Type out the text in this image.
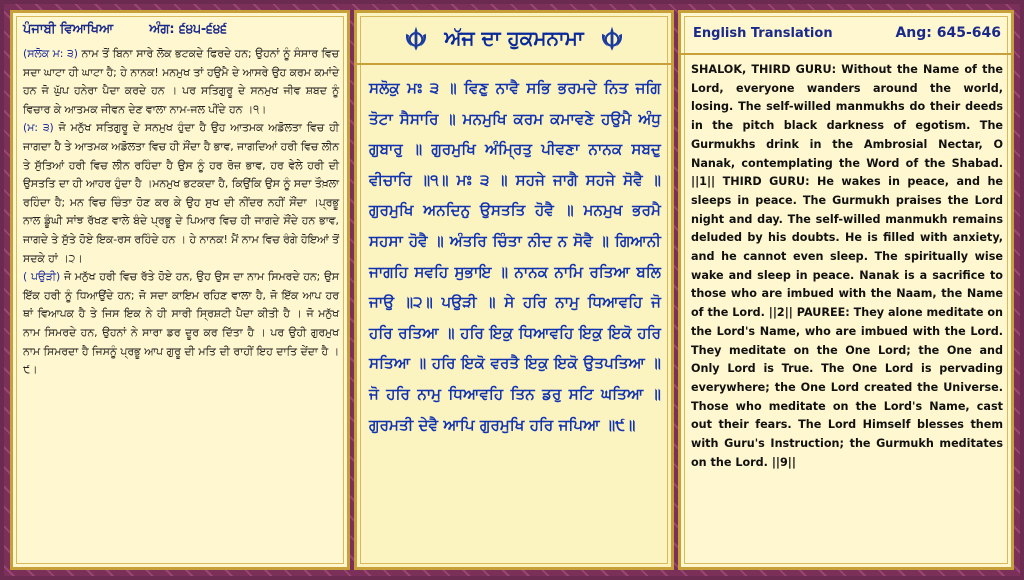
ਪੰਜਾਬੀ ਵਿਆਖਿਆ	ਅੰਗ: ੬੪੫-੬੪੬

(ਸਲੋਕ ਮ: ੩) ਨਾਮ ਤੋਂ ਬਿਨਾ ਸਾਰੇ ਲੋਕ ਭਟਕਦੇ ਫਿਰਦੇ ਹਨ; ਉਹਨਾਂ ਨੂੰ ਸੰਸਾਰ ਵਿਚ ਸਦਾ ਘਾਟਾ ਹੀ ਘਾਟਾ ਹੈ; ਹੇ ਨਾਨਕ! ਮਨਮੁਖ ਤਾਂ ਹਉਮੈ ਦੇ ਆਸਰੇ ਉਹ ਕਰਮ ਕਮਾਂਦੇ ਹਨ ਜੋ ਘੁੱਪ ਹਨੇਰਾ ਪੈਦਾ ਕਰਦੇ ਹਨ । ਪਰ ਸਤਿਗੁਰੂ ਦੇ ਸਨਮੁਖ ਜੀਵ ਸ਼ਬਦ ਨੂੰ ਵਿਚਾਰ ਕੇ ਆਤਮਕ ਜੀਵਨ ਦੇਣ ਵਾਲਾ ਨਾਮ-ਜਲ ਪੀਂਦੇ ਹਨ ।੧।

(ਮ: ੩) ਜੋ ਮਨੁੱਖ ਸਤਿਗੁਰੂ ਦੇ ਸਨਮੁਖ ਹੁੰਦਾ ਹੈ ਉਹ ਆਤਮਕ ਅਡੋਲਤਾ ਵਿਚ ਹੀ ਜਾਗਦਾ ਹੈ ਤੇ ਆਤਮਕ ਅਡੋਲਤਾ ਵਿਚ ਹੀ ਸੌਂਦਾ ਹੈ ਭਾਵ, ਜਾਗਦਿਆਂ ਹਰੀ ਵਿਚ ਲੀਨ ਤੇ ਸੁੱਤਿਆਂ ਹਰੀ ਵਿਚ ਲੀਨ ਰਹਿੰਦਾ ਹੈ ਉਸ ਨੂੰ ਹਰ ਰੋਜ਼ ਭਾਵ, ਹਰ ਵੇਲੇ ਹਰੀ ਦੀ ਉਸਤਤਿ ਦਾ ਹੀ ਆਹਰ ਹੁੰਦਾ ਹੈ ।ਮਨਮੁਖ ਭਟਕਦਾ ਹੈ, ਕਿਉਂਕਿ ਉਸ ਨੂੰ ਸਦਾ ਤੌਖ਼ਲਾ ਰਹਿੰਦਾ ਹੈ; ਮਨ ਵਿਚ ਚਿੰਤਾ ਹੋਣ ਕਰ ਕੇ ਉਹ ਸੁਖ ਦੀ ਨੀਂਦਰ ਨਹੀਂ ਸੌਂਦਾ ।ਪ੍ਰਭੂ ਨਾਲ ਡੂੰਘੀ ਸਾਂਝ ਰੱਖਣ ਵਾਲੇ ਬੰਦੇ ਪ੍ਰਭੂ ਦੇ ਪਿਆਰ ਵਿਚ ਹੀ ਜਾਗਦੇ ਸੌਂਦੇ ਹਨ ਭਾਵ, ਜਾਗਦੇ ਤੇ ਸੁੱਤੇ ਹੋਏ ਇਕ-ਰਸ ਰਹਿੰਦੇ ਹਨ । ਹੇ ਨਾਨਕ! ਮੈਂ ਨਾਮ ਵਿਚ ਰੰਗੇ ਹੋਇਆਂ ਤੋਂ ਸਦਕੇ ਹਾਂ ।੨।

( ਪਉੜੀ) ਜੋ ਮਨੁੱਖ ਹਰੀ ਵਿਚ ਰੱਤੇ ਹੋਏ ਹਨ, ਉਹ ਉਸ ਦਾ ਨਾਮ ਸਿਮਰਦੇ ਹਨ; ਉਸ ਇੱਕ ਹਰੀ ਨੂੰ ਧਿਆਉਂਦੇ ਹਨ; ਜੋ ਸਦਾ ਕਾਇਮ ਰਹਿਣ ਵਾਲਾ ਹੈ, ਜੋ ਇੱਕ ਆਪ ਹਰ ਥਾਂ ਵਿਆਪਕ ਹੈ ਤੇ ਜਿਸ ਇਕ ਨੇ ਹੀ ਸਾਰੀ ਸ੍ਰਿਸ਼ਟੀ ਪੈਦਾ ਕੀਤੀ ਹੈ । ਜੋ ਮਨੁੱਖ ਨਾਮ ਸਿਮਰਦੇ ਹਨ, ਉਹਨਾਂ ਨੇ ਸਾਰਾ ਡਰ ਦੂਰ ਕਰ ਦਿੱਤਾ ਹੈ । ਪਰ ਉਹੀ ਗੁਰਮੁਖ ਨਾਮ ਸਿਮਰਦਾ ਹੈ ਜਿਸਨੂੰ ਪ੍ਰਭੂ ਆਪ ਗੁਰੂ ਦੀ ਮਤਿ ਦੀ ਰਾਹੀਂ ਇਹ ਦਾਤਿ ਦੇਂਦਾ ਹੈ ।੯।

ਅੱਜ ਦਾ ਹੁਕਮਨਾਮਾ
ਸਲੋਕੁ ਮਃ ੩ ॥ ਵਿਣੁ ਨਾਵੈ ਸਭਿ ਭਰਮਦੇ ਨਿਤ ਜਗਿ ਤੋਟਾ ਸੈਸਾਰਿ ॥ ਮਨਮੁਖਿ ਕਰਮ ਕਮਾਵਣੇ ਹਉਮੈ ਅੰਧੁ ਗੁਬਾਰੁ ॥ ਗੁਰਮੁਖਿ ਅੰਮ੍ਰਿਤੁ ਪੀਵਣਾ ਨਾਨਕ ਸਬਦੁ ਵੀਚਾਰਿ ॥੧॥ ਮਃ ੩ ॥ ਸਹਜੇ ਜਾਗੈ ਸਹਜੇ ਸੋਵੈ ॥ ਗੁਰਮੁਖਿ ਅਨਦਿਨੁ ਉਸਤਤਿ ਹੋਵੈ ॥ ਮਨਮੁਖ ਭਰਮੈ ਸਹਸਾ ਹੋਵੈ ॥ ਅੰਤਰਿ ਚਿੰਤਾ ਨੀਦ ਨ ਸੋਵੈ ॥ ਗਿਆਨੀ ਜਾਗਹਿ ਸਵਹਿ ਸੁਭਾਇ ॥ ਨਾਨਕ ਨਾਮਿ ਰਤਿਆ ਬਲਿ ਜਾਉ ॥੨॥ ਪਉੜੀ ॥ ਸੇ ਹਰਿ ਨਾਮੁ ਧਿਆਵਹਿ ਜੋ ਹਰਿ ਰਤਿਆ ॥ ਹਰਿ ਇਕੁ ਧਿਆਵਹਿ ਇਕੁ ਇਕੋ ਹਰਿ ਸਤਿਆ ॥ ਹਰਿ ਇਕੋ ਵਰਤੈ ਇਕੁ ਇਕੋ ਉਤਪਤਿਆ ॥ ਜੋ ਹਰਿ ਨਾਮੁ ਧਿਆਵਹਿ ਤਿਨ ਡਰੁ ਸਟਿ ਘਤਿਆ ॥ ਗੁਰਮਤੀ ਦੇਵੈ ਆਪਿ ਗੁਰਮੁਖਿ ਹਰਿ ਜਪਿਆ ॥੯॥
English Translation	Ang: 645-646
SHALOK, THIRD GURU: Without the Name of the Lord, everyone wanders around the world, losing. The self-willed manmukhs do their deeds in the pitch black darkness of egotism. The Gurmukhs drink in the Ambrosial Nectar, O Nanak, contemplating the Word of the Shabad. ||1|| THIRD GURU: He wakes in peace, and he sleeps in peace. The Gurmukh praises the Lord night and day. The self-willed manmukh remains deluded by his doubts. He is filled with anxiety, and he cannot even sleep. The spiritually wise wake and sleep in peace. Nanak is a sacrifice to those who are imbued with the Naam, the Name of the Lord. ||2|| PAUREE: They alone meditate on the Lord's Name, who are imbued with the Lord. They meditate on the One Lord; the One and Only Lord is True. The One Lord is pervading everywhere; the One Lord created the Universe. Those who meditate on the Lord's Name, cast out their fears. The Lord Himself blesses them with Guru's Instruction; the Gurmukh meditates on the Lord. ||9||
